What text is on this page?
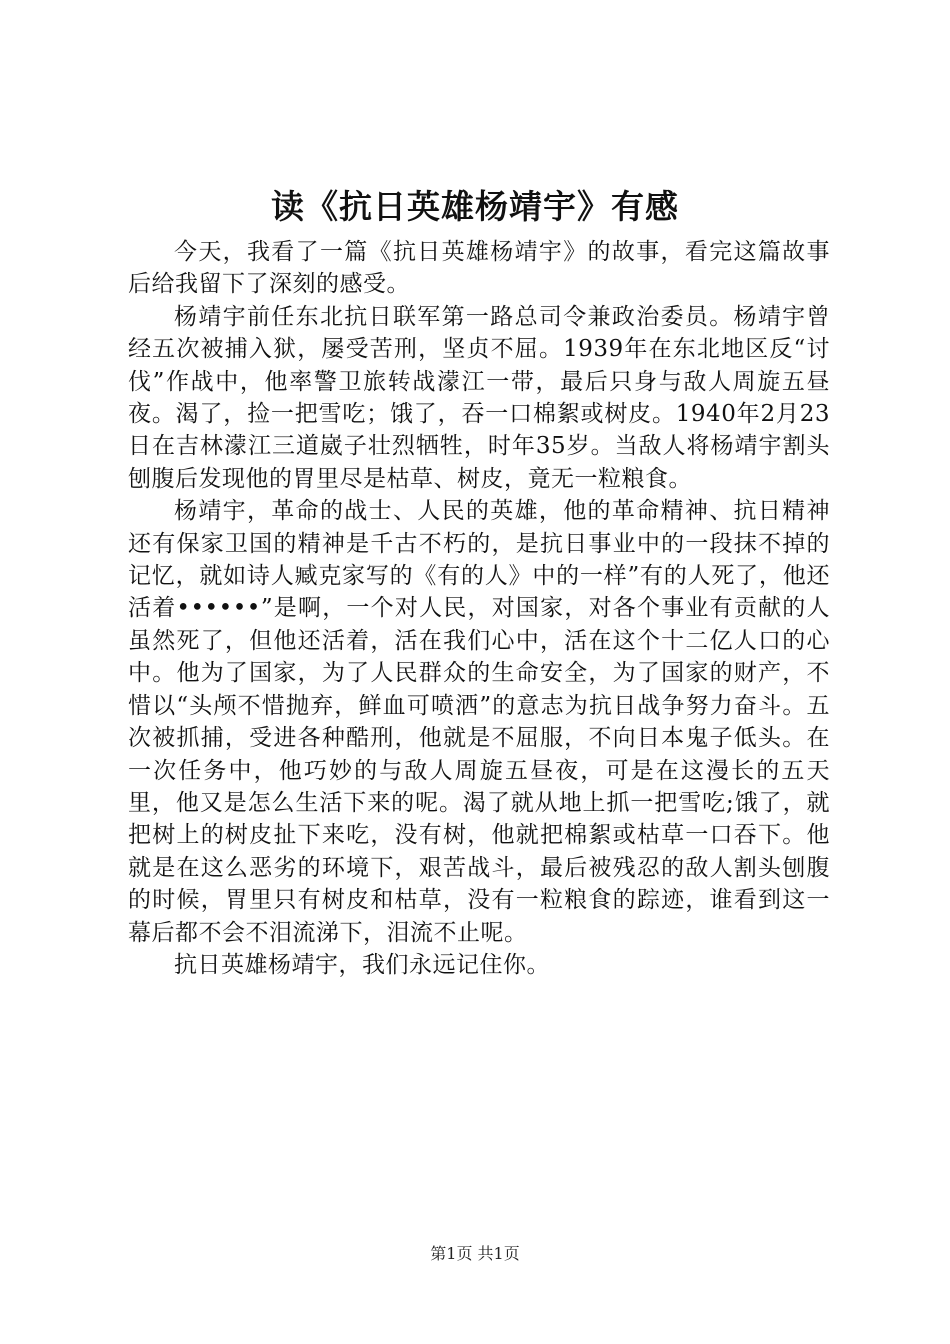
读《抗日英雄杨靖宇》有感

今天，我看了一篇《抗日英雄杨靖宇》的故事，看完这篇故事后给我留下了深刻的感受。

杨靖宇前任东北抗日联军第一路总司令兼政治委员。杨靖宇曾经五次被捕入狱，屡受苦刑，坚贞不屈。1939年在东北地区反“讨伐”作战中，他率警卫旅转战濛江一带，最后只身与敌人周旋五昼夜。渴了，捡一把雪吃；饿了，吞一口棉絮或树皮。1940年2月23日在吉林濛江三道崴子壮烈牺牲，时年35岁。当敌人将杨靖宇割头刨腹后发现他的胃里尽是枯草、树皮，竟无一粒粮食。

杨靖宇，革命的战士、人民的英雄，他的革命精神、抗日精神还有保家卫国的精神是千古不朽的，是抗日事业中的一段抹不掉的记忆，就如诗人臧克家写的《有的人》中的一样”有的人死了，他还活着••••••”是啊，一个对人民，对国家，对各个事业有贡献的人虽然死了，但他还活着，活在我们心中，活在这个十二亿人口的心中。他为了国家，为了人民群众的生命安全，为了国家的财产，不惜以“头颅不惜抛弃，鲜血可喷洒”的意志为抗日战争努力奋斗。五次被抓捕，受进各种酷刑，他就是不屈服，不向日本鬼子低头。在一次任务中，他巧妙的与敌人周旋五昼夜，可是在这漫长的五天里，他又是怎么生活下来的呢。渴了就从地上抓一把雪吃;饿了，就把树上的树皮扯下来吃，没有树，他就把棉絮或枯草一口吞下。他就是在这么恶劣的环境下，艰苦战斗，最后被残忍的敌人割头刨腹的时候，胃里只有树皮和枯草，没有一粒粮食的踪迹，谁看到这一幕后都不会不泪流涕下，泪流不止呢。

抗日英雄杨靖宇，我们永远记住你。

第1页 共1页
